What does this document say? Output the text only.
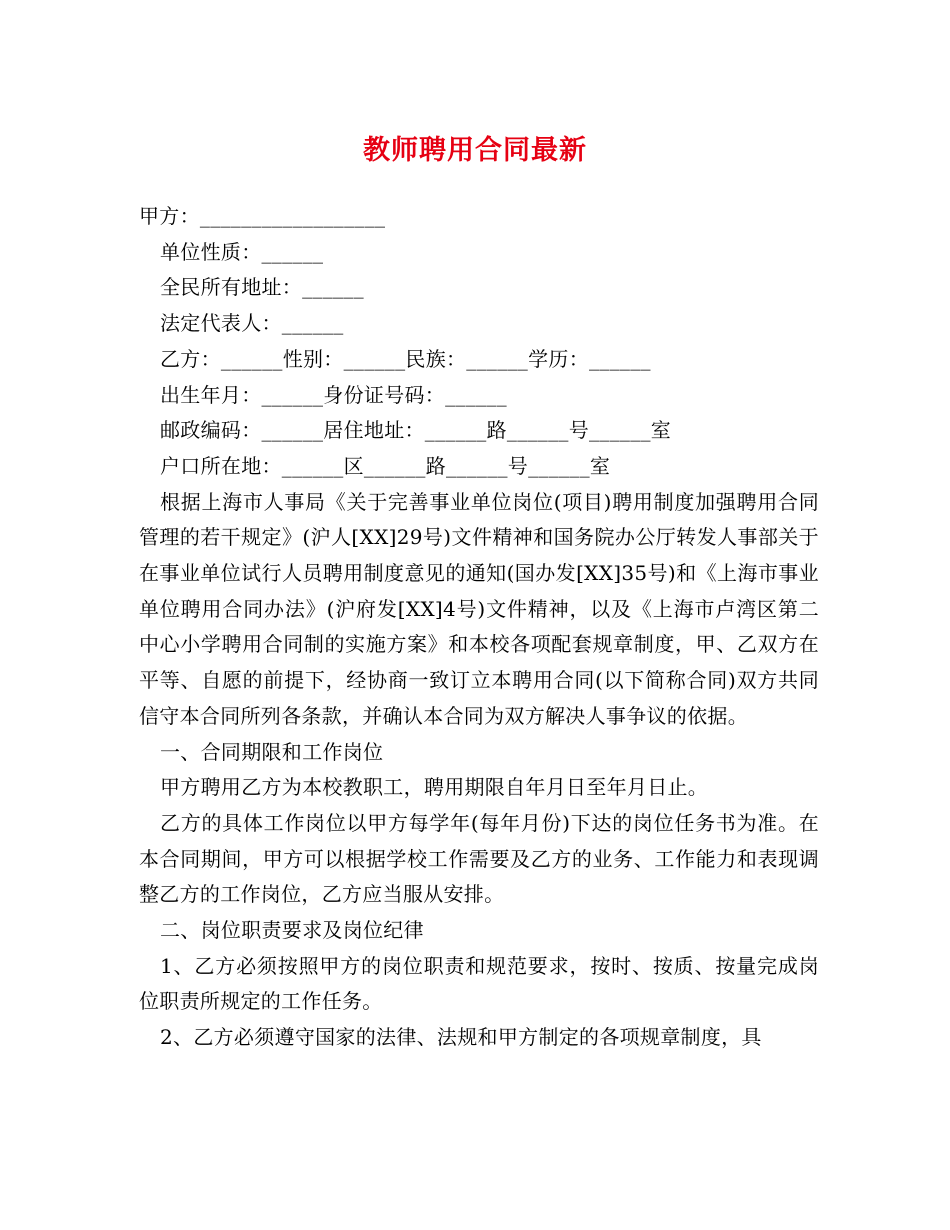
教师聘用合同最新
甲方：__________________
单位性质：______
全民所有地址：______
法定代表人：______
乙方：______性别：______民族：______学历：______
出生年月：______身份证号码：______
邮政编码：______居住地址：______路______号______室
户口所在地：______区______路______号______室

根据上海市人事局《关于完善事业单位岗位(项目)聘用制度加强聘用合同管理的若干规定》(沪人[XX]29号)文件精神和国务院办公厅转发人事部关于在事业单位试行人员聘用制度意见的通知(国办发[XX]35号)和《上海市事业单位聘用合同办法》(沪府发[XX]4号)文件精神，以及《上海市卢湾区第二中心小学聘用合同制的实施方案》和本校各项配套规章制度，甲、乙双方在平等、自愿的前提下，经协商一致订立本聘用合同(以下简称合同)双方共同信守本合同所列各条款，并确认本合同为双方解决人事争议的依据。

一、合同期限和工作岗位

甲方聘用乙方为本校教职工，聘用期限自年月日至年月日止。

乙方的具体工作岗位以甲方每学年(每年月份)下达的岗位任务书为准。在本合同期间，甲方可以根据学校工作需要及乙方的业务、工作能力和表现调整乙方的工作岗位，乙方应当服从安排。

二、岗位职责要求及岗位纪律

1、乙方必须按照甲方的岗位职责和规范要求，按时、按质、按量完成岗位职责所规定的工作任务。

2、乙方必须遵守国家的法律、法规和甲方制定的各项规章制度，具
